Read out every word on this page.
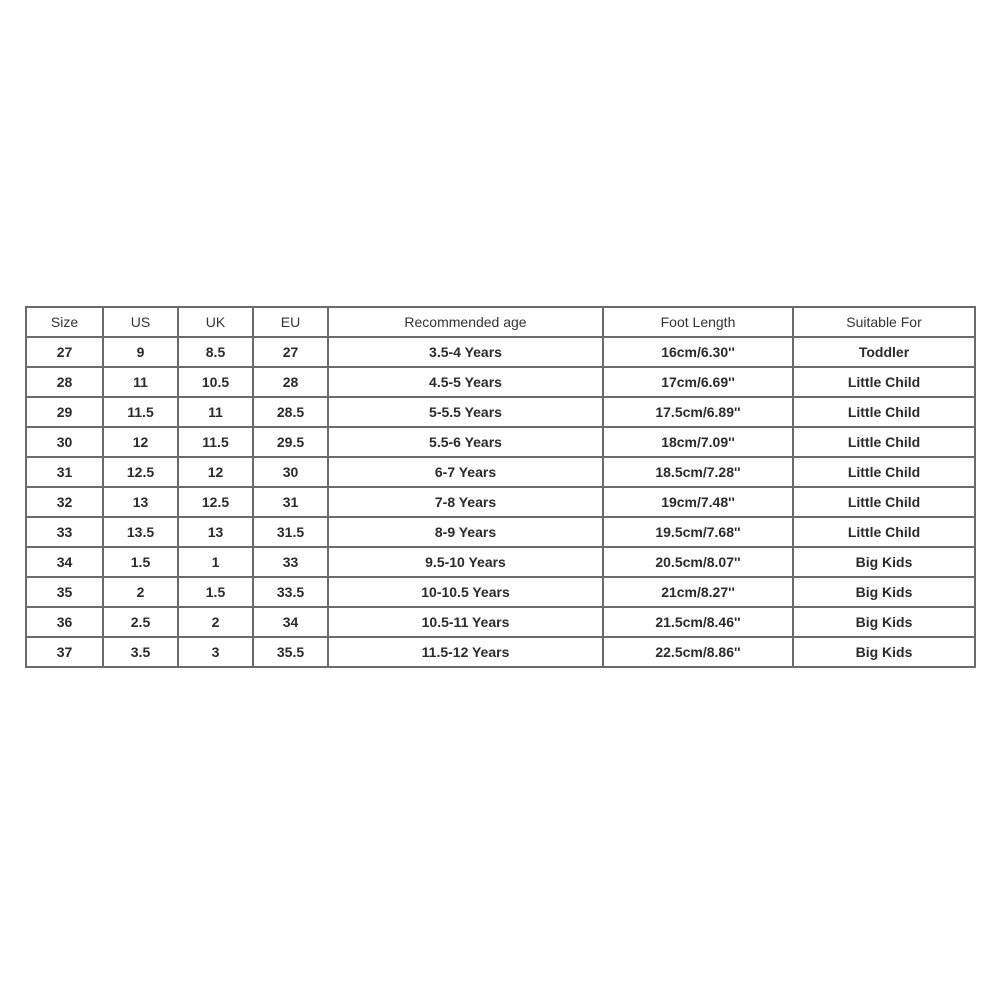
Size	US	UK	EU	Recommended age	Foot Length	Suitable For
27	9	8.5	27	3.5-4 Years	16cm/6.30''	Toddler
28	11	10.5	28	4.5-5 Years	17cm/6.69''	Little Child
29	11.5	11	28.5	5-5.5 Years	17.5cm/6.89''	Little Child
30	12	11.5	29.5	5.5-6 Years	18cm/7.09''	Little Child
31	12.5	12	30	6-7 Years	18.5cm/7.28''	Little Child
32	13	12.5	31	7-8 Years	19cm/7.48''	Little Child
33	13.5	13	31.5	8-9 Years	19.5cm/7.68''	Little Child
34	1.5	1	33	9.5-10 Years	20.5cm/8.07''	Big Kids
35	2	1.5	33.5	10-10.5 Years	21cm/8.27''	Big Kids
36	2.5	2	34	10.5-11 Years	21.5cm/8.46''	Big Kids
37	3.5	3	35.5	11.5-12 Years	22.5cm/8.86''	Big Kids
